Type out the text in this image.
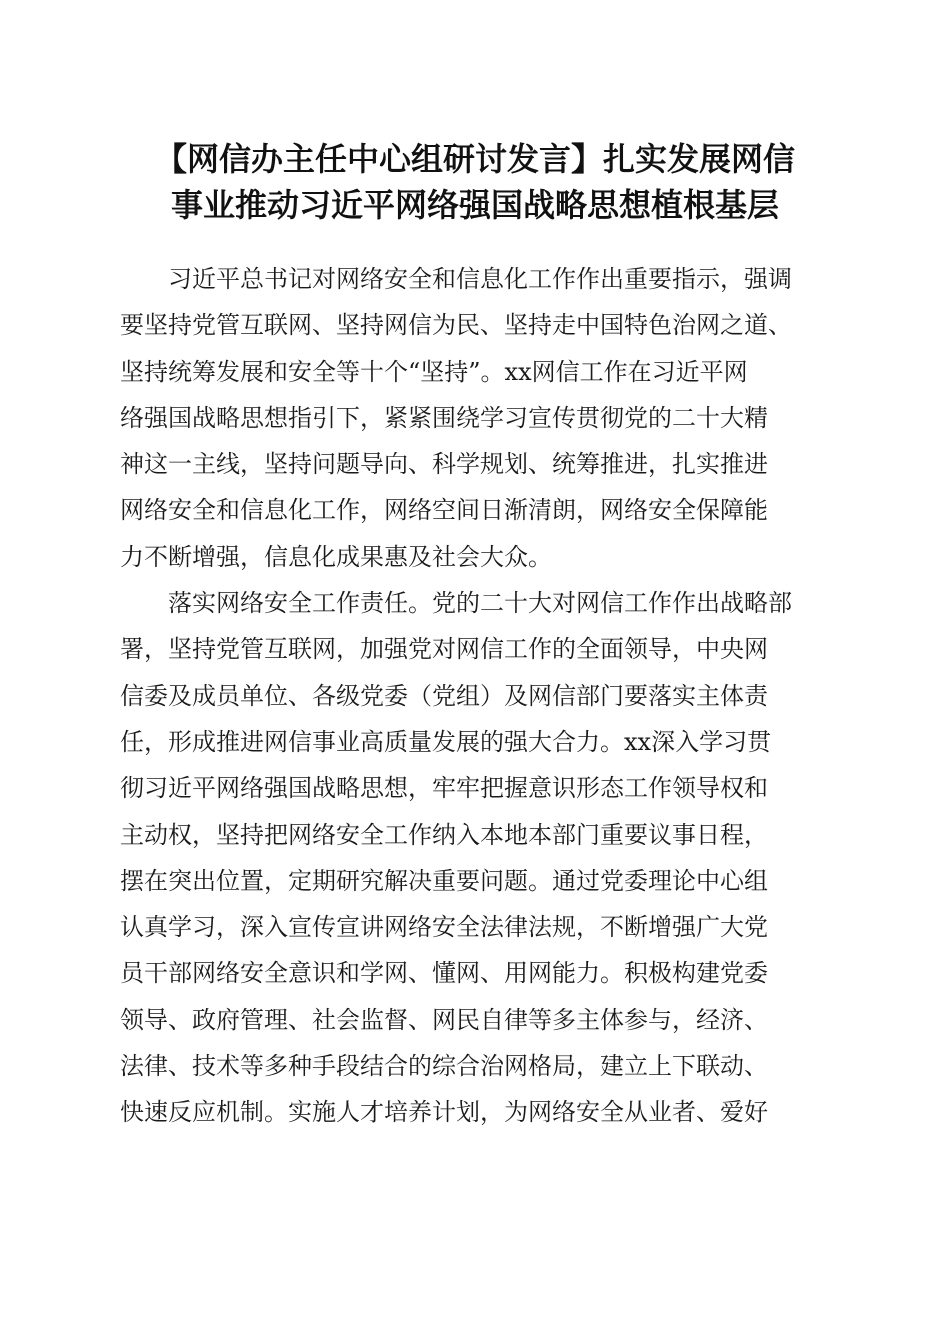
【网信办主任中心组研讨发言】扎实发展网信
事业推动习近平网络强国战略思想植根基层
习近平总书记对网络安全和信息化工作作出重要指示，强调
要坚持党管互联网、坚持网信为民、坚持走中国特色治网之道、
坚持统筹发展和安全等十个“坚持”。xx网信工作在习近平网
络强国战略思想指引下，紧紧围绕学习宣传贯彻党的二十大精
神这一主线，坚持问题导向、科学规划、统筹推进，扎实推进
网络安全和信息化工作，网络空间日渐清朗，网络安全保障能
力不断增强，信息化成果惠及社会大众。
落实网络安全工作责任。党的二十大对网信工作作出战略部
署，坚持党管互联网，加强党对网信工作的全面领导，中央网
信委及成员单位、各级党委（党组）及网信部门要落实主体责
任，形成推进网信事业高质量发展的强大合力。xx深入学习贯
彻习近平网络强国战略思想，牢牢把握意识形态工作领导权和
主动权，坚持把网络安全工作纳入本地本部门重要议事日程，
摆在突出位置，定期研究解决重要问题。通过党委理论中心组
认真学习，深入宣传宣讲网络安全法律法规，不断增强广大党
员干部网络安全意识和学网、懂网、用网能力。积极构建党委
领导、政府管理、社会监督、网民自律等多主体参与，经济、
法律、技术等多种手段结合的综合治网格局，建立上下联动、
快速反应机制。实施人才培养计划，为网络安全从业者、爱好
